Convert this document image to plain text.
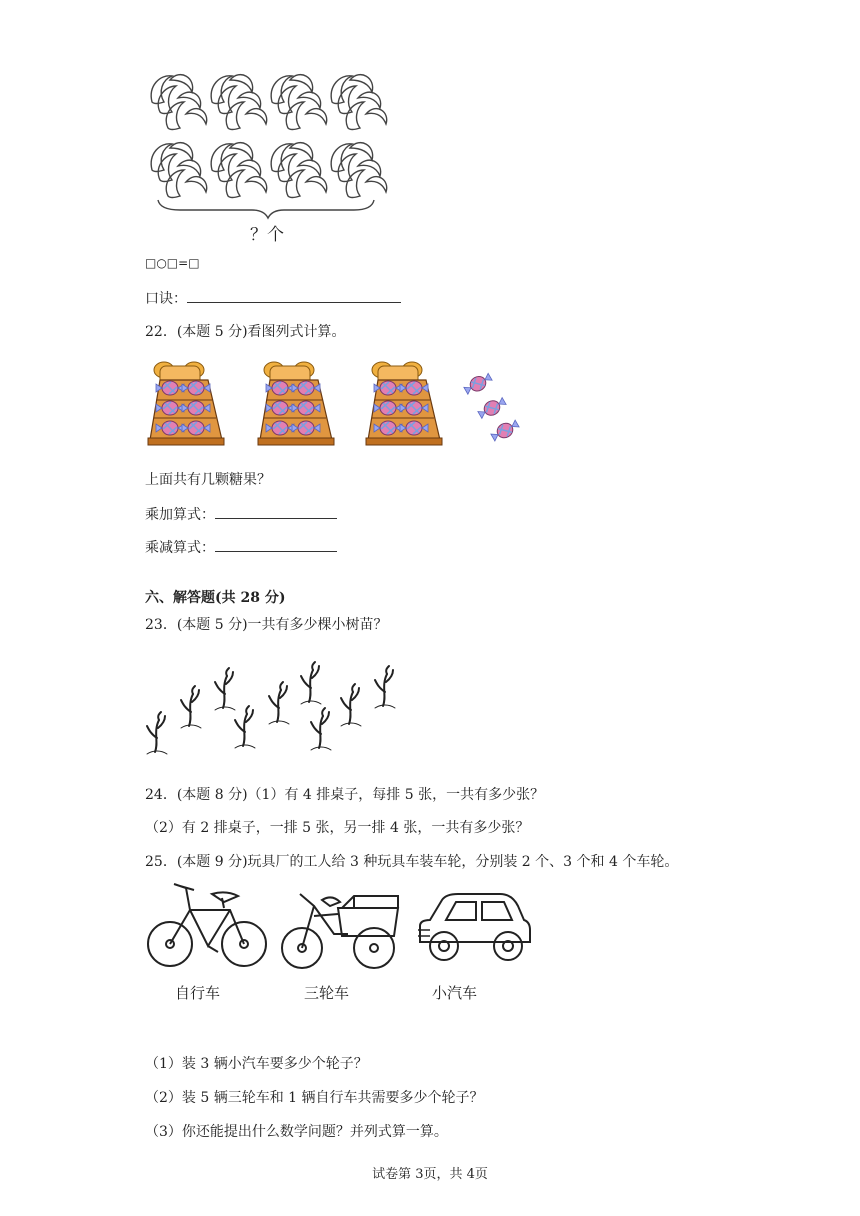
？个
□○□=□
口诀：
22．(本题 5 分)看图列式计算。
上面共有几颗糖果？
乘加算式：
乘减算式：
六、解答题(共 28 分)
23．(本题 5 分)一共有多少棵小树苗？
24．(本题 8 分)（1）有 4 排桌子，每排 5 张，一共有多少张？
（2）有 2 排桌子，一排 5 张，另一排 4 张，一共有多少张？
25．(本题 9 分)玩具厂的工人给 3 种玩具车装车轮，分别装 2 个、3 个和 4 个车轮。
自行车	三轮车	小汽车
（1）装 3 辆小汽车要多少个轮子？
（2）装 5 辆三轮车和 1 辆自行车共需要多少个轮子？
（3）你还能提出什么数学问题？并列式算一算。
试卷第 3页，共 4页
